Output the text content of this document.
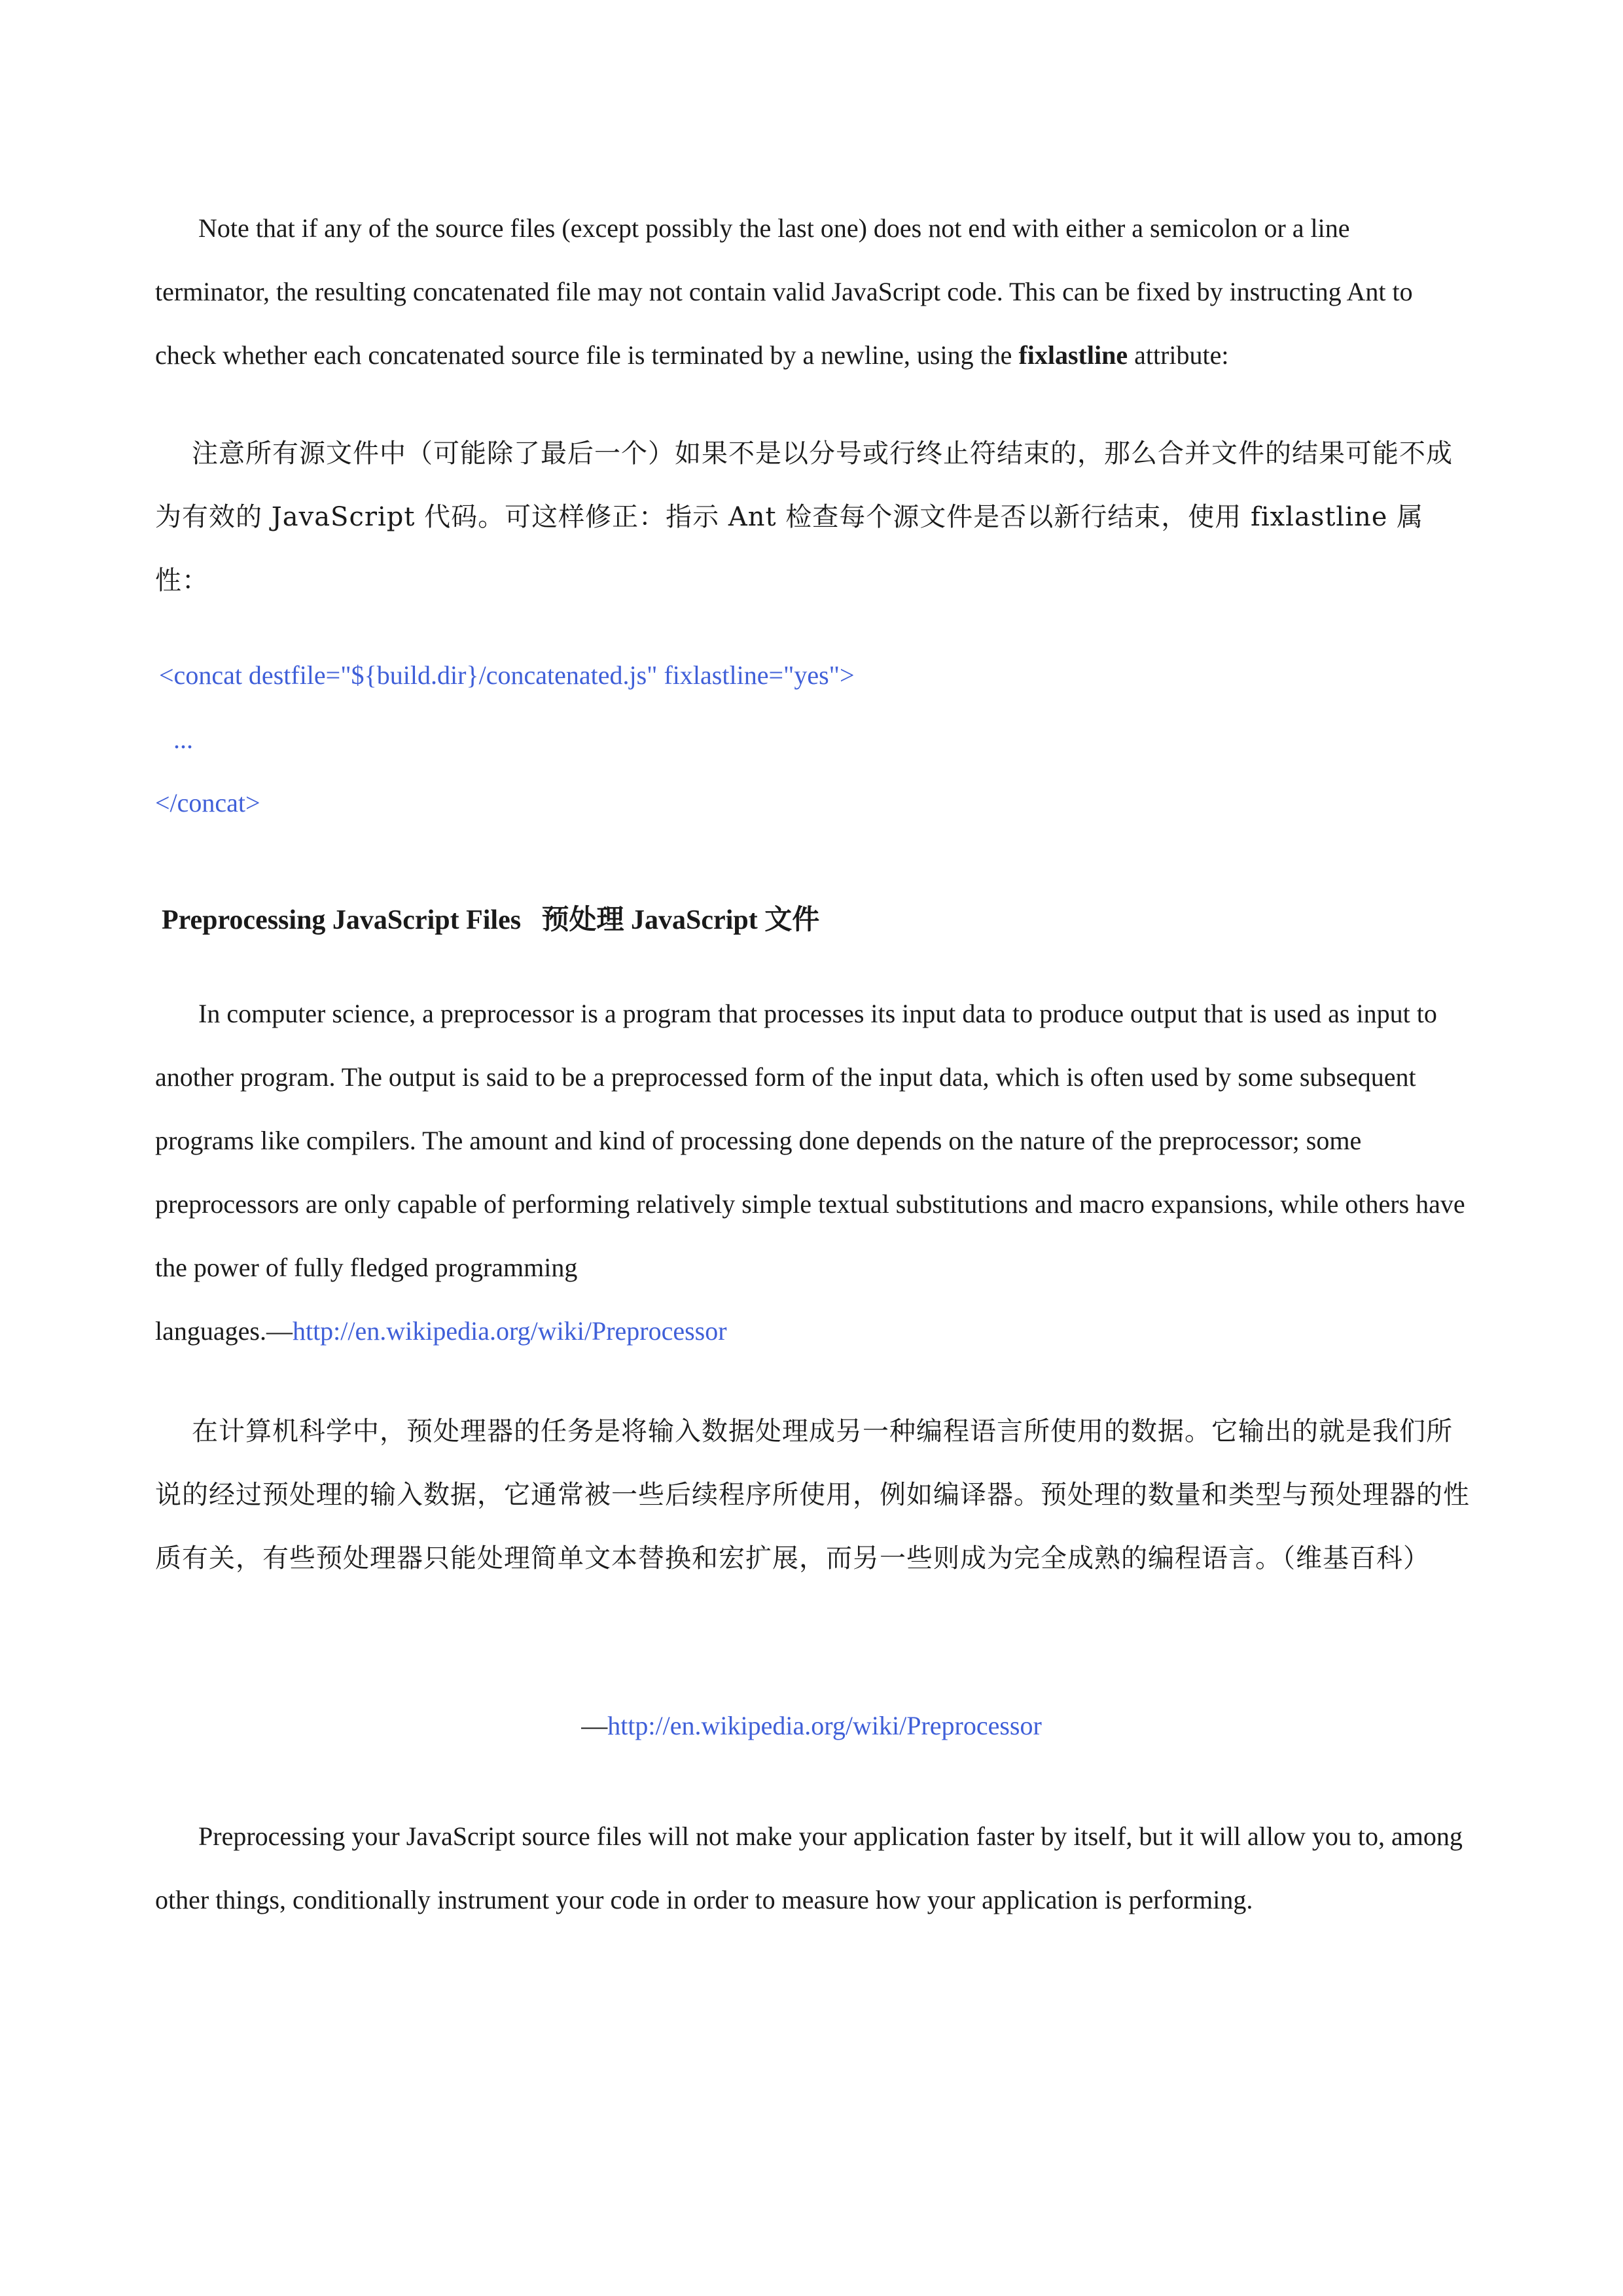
Note that if any of the source files (except possibly the last one) does not end with either a semicolon or a line terminator, the resulting concatenated file may not contain valid JavaScript code. This can be fixed by instructing Ant to check whether each concatenated source file is terminated by a newline, using the fixlastline attribute:

注意所有源文件中（可能除了最后一个）如果不是以分号或行终止符结束的，那么合并文件的结果可能不成为有效的 JavaScript 代码。可这样修正：指示 Ant 检查每个源文件是否以新行结束，使用 fixlastline 属性：

<concat destfile="${build.dir}/concatenated.js" fixlastline="yes">

...

</concat>

Preprocessing JavaScript Files   预处理 JavaScript 文件

In computer science, a preprocessor is a program that processes its input data to produce output that is used as input to another program. The output is said to be a preprocessed form of the input data, which is often used by some subsequent programs like compilers. The amount and kind of processing done depends on the nature of the preprocessor; some preprocessors are only capable of performing relatively simple textual substitutions and macro expansions, while others have the power of fully fledged programming
languages.—http://en.wikipedia.org/wiki/Preprocessor

在计算机科学中，预处理器的任务是将输入数据处理成另一种编程语言所使用的数据。它输出的就是我们所说的经过预处理的输入数据，它通常被一些后续程序所使用，例如编译器。预处理的数量和类型与预处理器的性质有关，有些预处理器只能处理简单文本替换和宏扩展，而另一些则成为完全成熟的编程语言。（维基百科）

—http://en.wikipedia.org/wiki/Preprocessor

Preprocessing your JavaScript source files will not make your application faster by itself, but it will allow you to, among other things, conditionally instrument your code in order to measure how your application is performing.
